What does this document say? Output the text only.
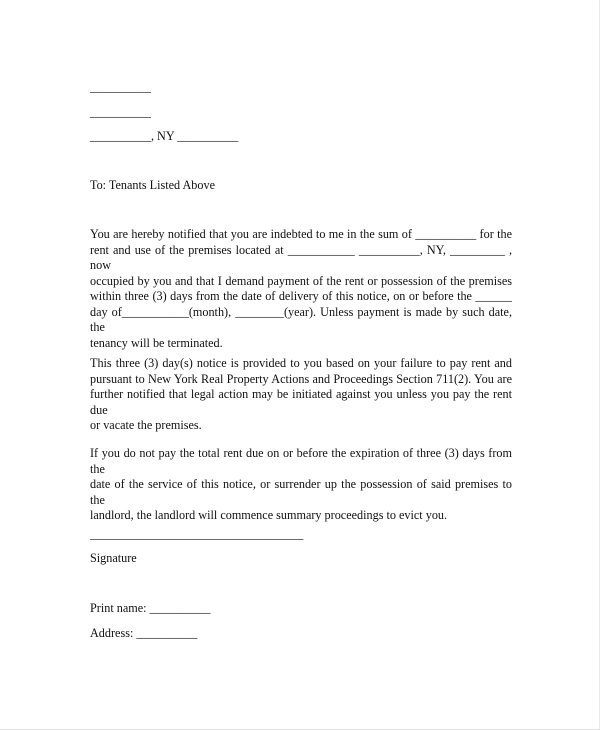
__________
__________
__________, NY __________
To: Tenants Listed Above
You are hereby notified that you are indebted to me in the sum of __________ for the
rent and use of the premises located at ___________ __________, NY, _________ , now
occupied by you and that I demand payment of the rent or possession of the premises
within three (3) days from the date of delivery of this notice, on or before the ______
day of___________(month), ________(year). Unless payment is made by such date, the
tenancy will be terminated.
This three (3) day(s) notice is provided to you based on your failure to pay rent and
pursuant to New York Real Property Actions and Proceedings Section 711(2). You are
further notified that legal action may be initiated against you unless you pay the rent due
or vacate the premises.
If you do not pay the total rent due on or before the expiration of three (3) days from the
date of the service of this notice, or surrender up the possession of said premises to the
landlord, the landlord will commence summary proceedings to evict you.
___________________________________
Signature
Print name: __________
Address: __________
